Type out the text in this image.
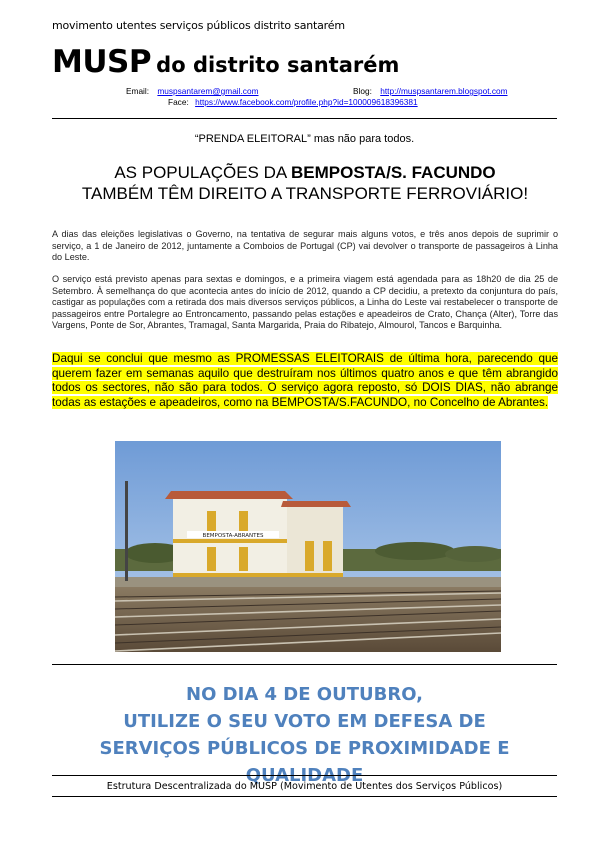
movimento utentes serviços públicos distrito santarém
MUSP do distrito santarém
Email: muspsantarem@gmail.com	Blog: http://muspsantarem.blogspot.com
Face: https://www.facebook.com/profile.php?id=100009618396381
“PRENDA ELEITORAL” mas não para todos.
AS POPULAÇÕES DA BEMPOSTA/S. FACUNDO
TAMBÉM TÊM DIREITO A TRANSPORTE FERROVIÁRIO!
A dias das eleições legislativas o Governo, na tentativa de segurar mais alguns votos, e três anos depois de suprimir o serviço, a 1 de Janeiro de 2012, juntamente a Comboios de Portugal (CP) vai devolver o transporte de passageiros à Linha do Leste.
O serviço está previsto apenas para sextas e domingos, e a primeira viagem está agendada para as 18h20 de dia 25 de Setembro. À semelhança do que acontecia antes do início de 2012, quando a CP decidiu, a pretexto da conjuntura do país, castigar as populações com a retirada dos mais diversos serviços públicos, a Linha do Leste vai restabelecer o transporte de passageiros entre Portalegre ao Entroncamento, passando pelas estações e apeadeiros de Crato, Chança (Alter), Torre das Vargens, Ponte de Sor, Abrantes, Tramagal, Santa Margarida, Praia do Ribatejo, Almourol, Tancos e Barquinha.
Daqui se conclui que mesmo as PROMESSAS ELEITORAIS de última hora, parecendo que querem fazer em semanas aquilo que destruíram nos últimos quatro anos e que têm abrangido todos os sectores, não são para todos. O serviço agora reposto, só DOIS DIAS, não abrange todas as estações e apeadeiros, como na BEMPOSTA/S.FACUNDO, no Concelho de Abrantes.
BEMPOSTA-ABRANTES
NO DIA 4 DE OUTUBRO,
UTILIZE O SEU VOTO EM DEFESA DE
SERVIÇOS PÚBLICOS DE PROXIMIDADE E QUALIDADE
Estrutura Descentralizada do MUSP (Movimento de Utentes dos Serviços Públicos)
